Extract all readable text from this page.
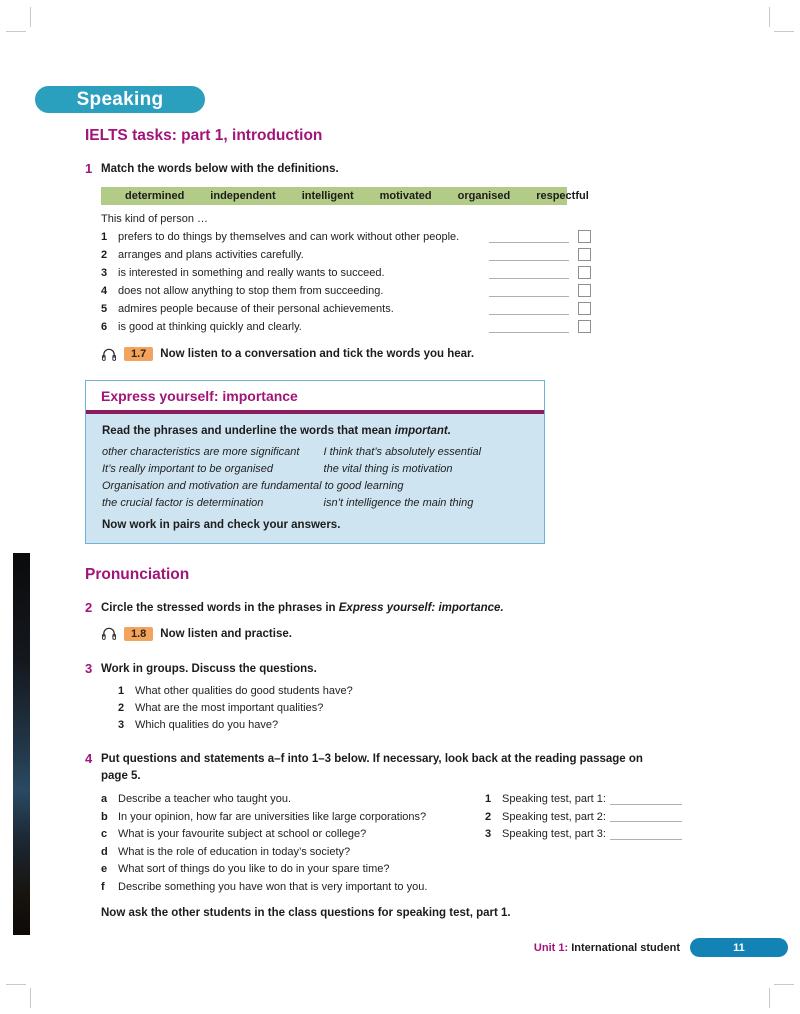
Speaking
IELTS tasks: part 1, introduction
1 Match the words below with the definitions.
determined independent intelligent motivated organised respectful
This kind of person …
1 prefers to do things by themselves and can work without other people.
2 arranges and plans activities carefully.
3 is interested in something and really wants to succeed.
4 does not allow anything to stop them from succeeding.
5 admires people because of their personal achievements.
6 is good at thinking quickly and clearly.
1.7	Now listen to a conversation and tick the words you hear.
Express yourself: importance
Read the phrases and underline the words that mean important.
other characteristics are more significant	I think that’s absolutely essential
It’s really important to be organised	the vital thing is motivation
Organisation and motivation are fundamental to good learning
the crucial factor is determination	isn’t intelligence the main thing
Now work in pairs and check your answers.
Pronunciation
2 Circle the stressed words in the phrases in Express yourself: importance.
1.8	Now listen and practise.
3 Work in groups. Discuss the questions.
1 What other qualities do good students have?
2 What are the most important qualities?
3 Which qualities do you have?
4 Put questions and statements a–f into 1–3 below. If necessary, look back at the reading passage on page 5.
a Describe a teacher who taught you.
b In your opinion, how far are universities like large corporations?
c What is your favourite subject at school or college?
d What is the role of education in today’s society?
e What sort of things do you like to do in your spare time?
f	Describe something you have won that is very important to you.
1 Speaking test, part 1:
2 Speaking test, part 2:
3 Speaking test, part 3:
Now ask the other students in the class questions for speaking test, part 1.
Unit 1: International student	11
